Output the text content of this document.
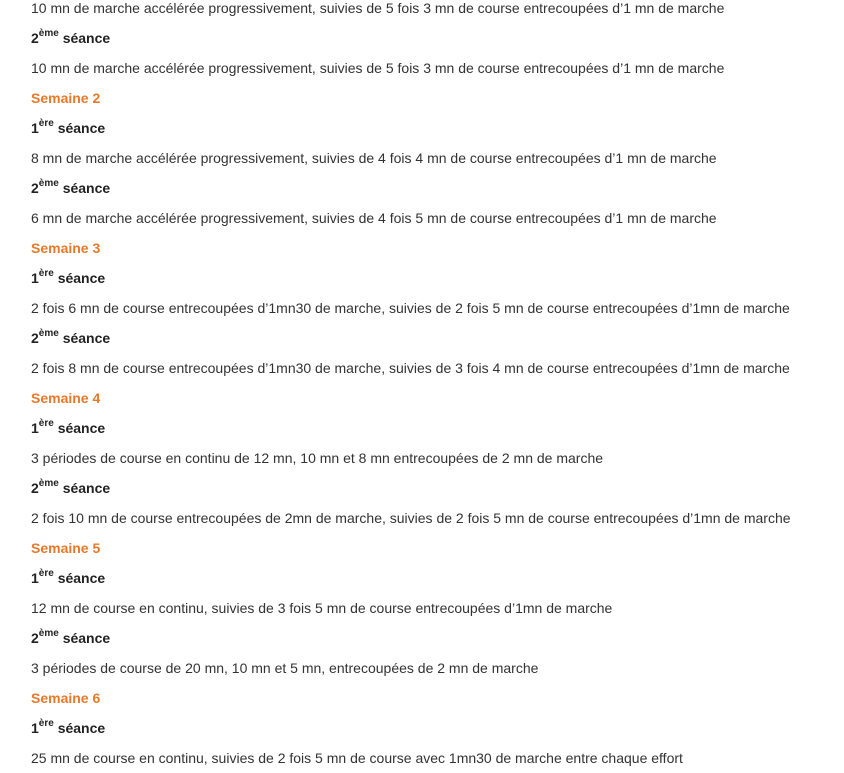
10 mn de marche accélérée progressivement, suivies de 5 fois 3 mn de course entrecoupées d’1 mn de marche
2ème séance
10 mn de marche accélérée progressivement, suivies de 5 fois 3 mn de course entrecoupées d’1 mn de marche
Semaine 2
1ère séance
8 mn de marche accélérée progressivement, suivies de 4 fois 4 mn de course entrecoupées d’1 mn de marche
2ème séance
6 mn de marche accélérée progressivement, suivies de 4 fois 5 mn de course entrecoupées d’1 mn de marche
Semaine 3
1ère séance
2 fois 6 mn de course entrecoupées d’1mn30 de marche, suivies de 2 fois 5 mn de course entrecoupées d’1mn de marche
2ème séance
2 fois 8 mn de course entrecoupées d’1mn30 de marche, suivies de 3 fois 4 mn de course entrecoupées d’1mn de marche
Semaine 4
1ère séance
3 périodes de course en continu de 12 mn, 10 mn et 8 mn entrecoupées de 2 mn de marche
2ème séance
2 fois 10 mn de course entrecoupées de 2mn de marche, suivies de 2 fois 5 mn de course entrecoupées d’1mn de marche
Semaine 5
1ère séance
12 mn de course en continu, suivies de 3 fois 5 mn de course entrecoupées d’1mn de marche
2ème séance
3 périodes de course de 20 mn, 10 mn et 5 mn, entrecoupées de 2 mn de marche
Semaine 6
1ère séance
25 mn de course en continu, suivies de 2 fois 5 mn de course avec 1mn30 de marche entre chaque effort
